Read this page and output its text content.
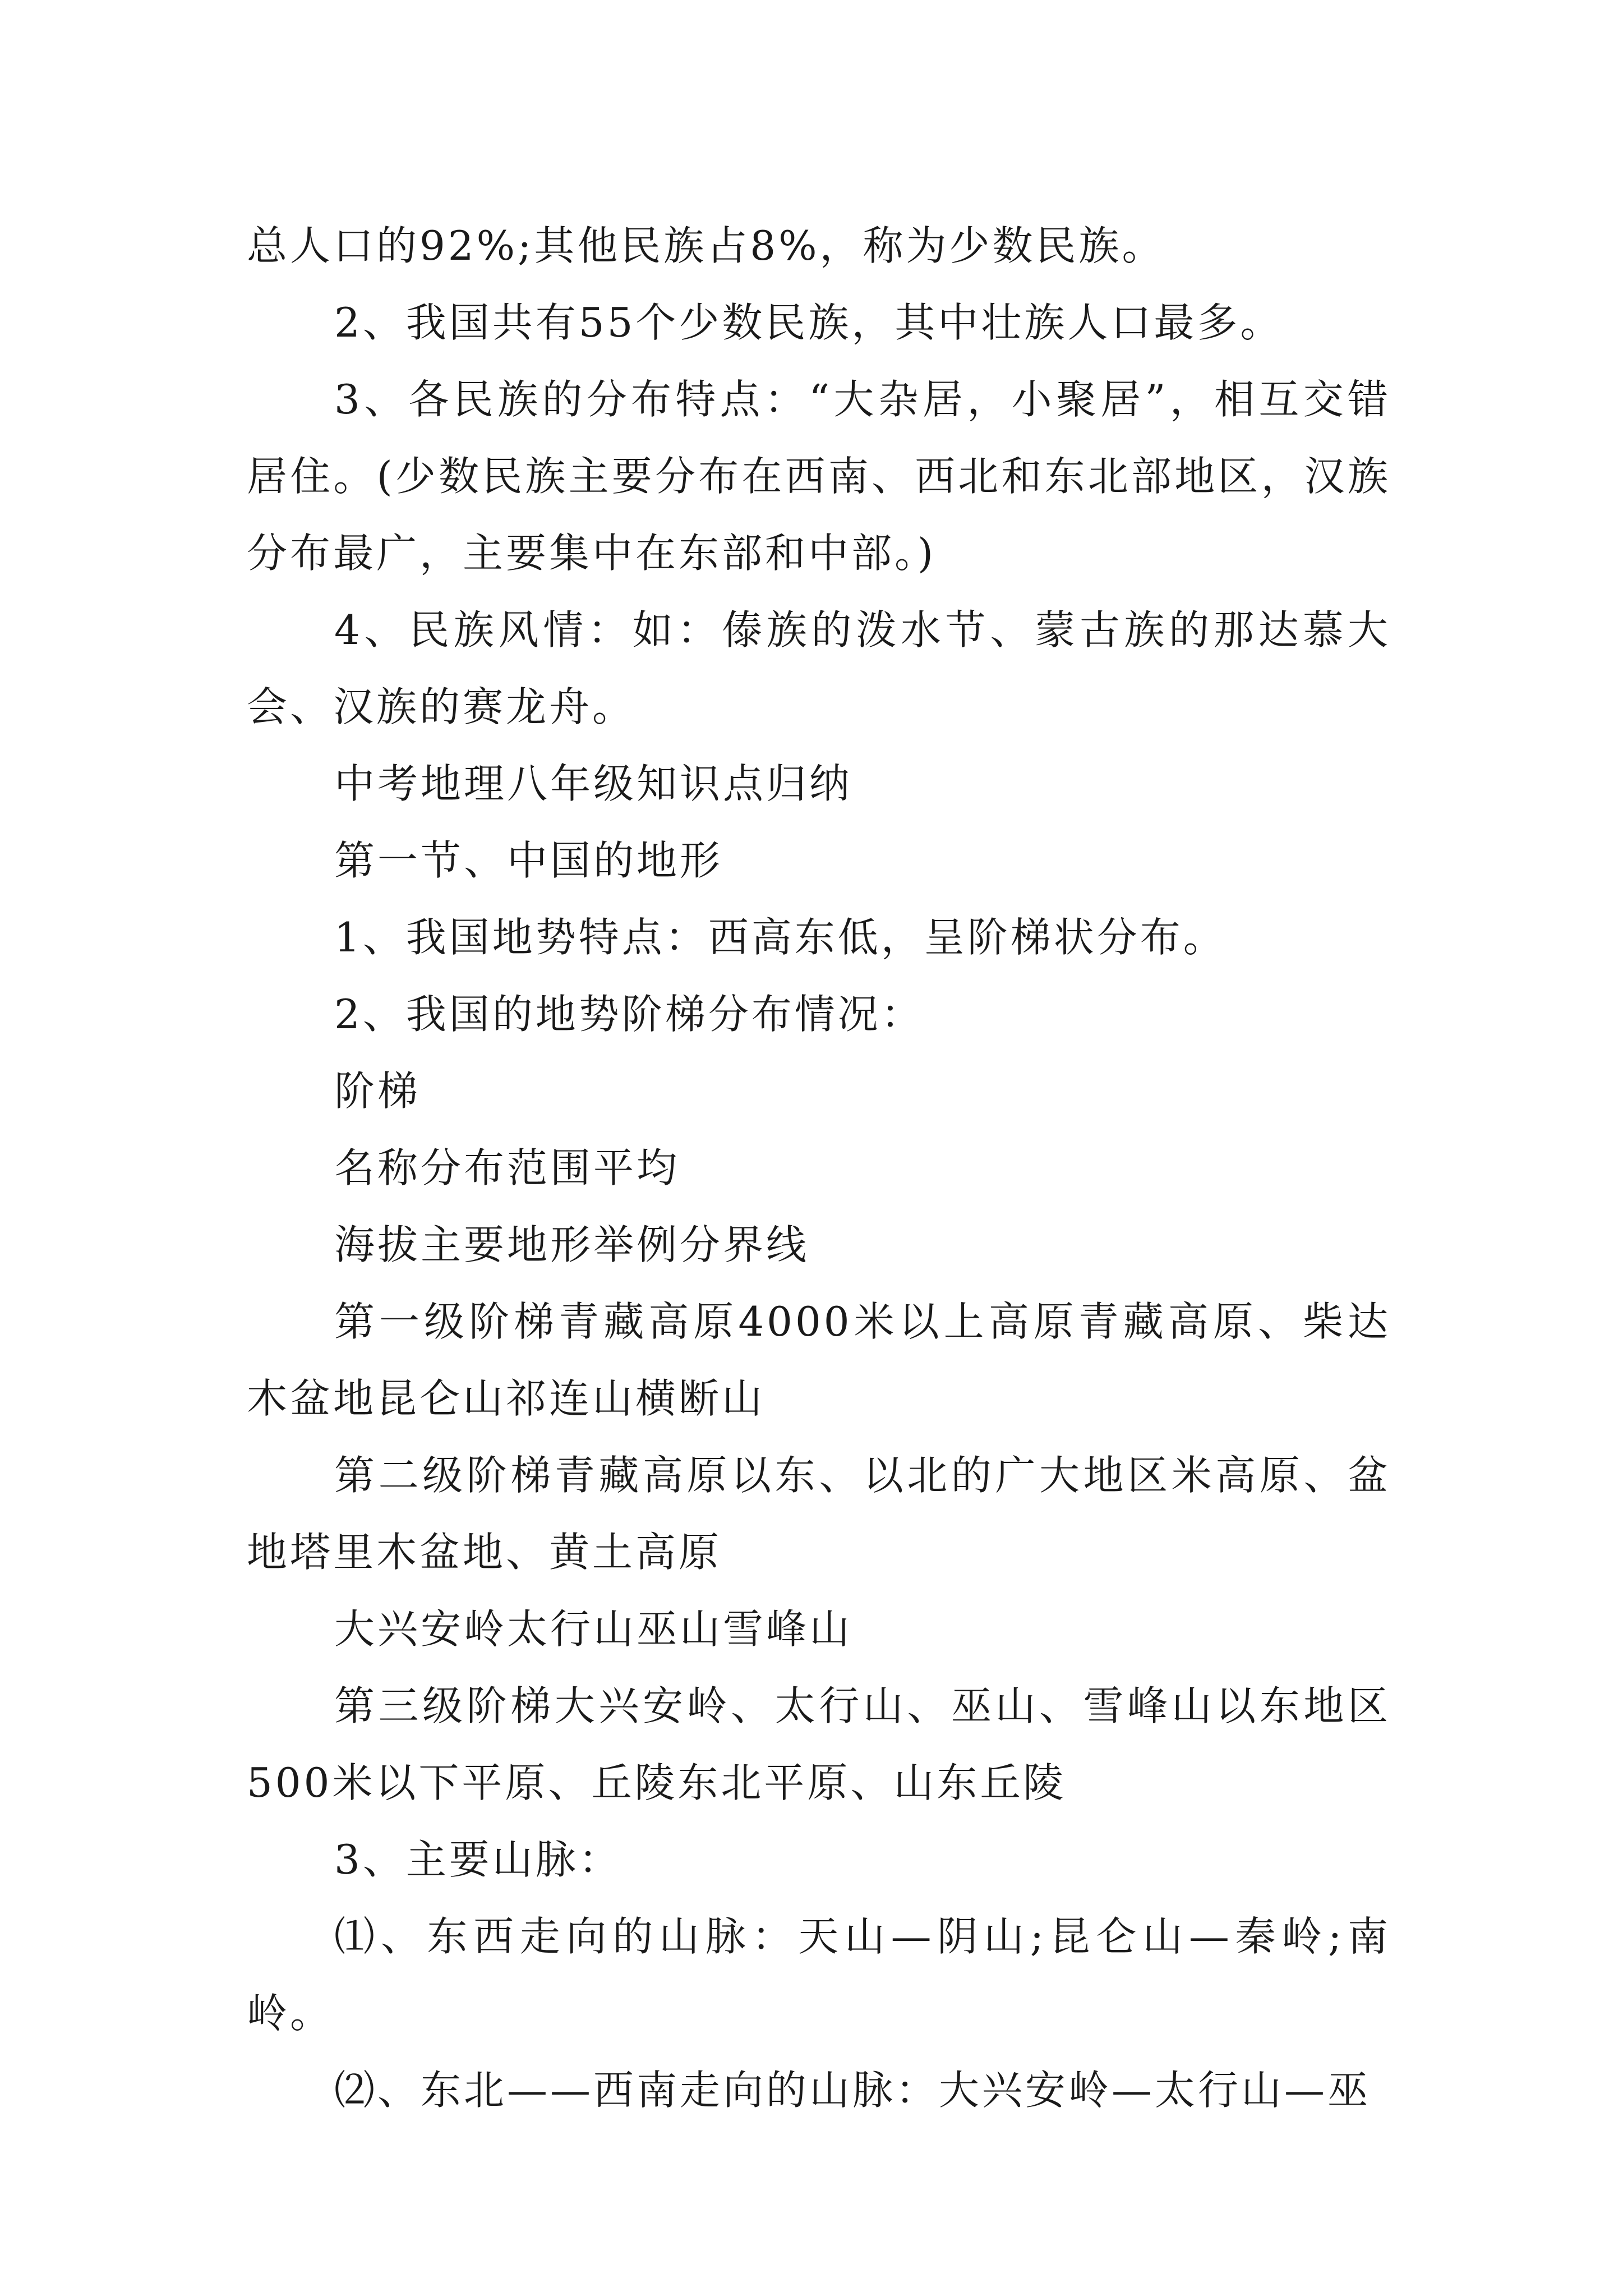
总人口的92%;其他民族占8%，称为少数民族。

2、我国共有55个少数民族，其中壮族人口最多。

3、各民族的分布特点：“大杂居，小聚居”，相互交错居住。(少数民族主要分布在西南、西北和东北部地区，汉族分布最广，主要集中在东部和中部。)

4、民族风情：如：傣族的泼水节、蒙古族的那达慕大会、汉族的赛龙舟。

中考地理八年级知识点归纳

第一节、中国的地形

1、我国地势特点：西高东低，呈阶梯状分布。

2、我国的地势阶梯分布情况：

阶梯

名称分布范围平均

海拔主要地形举例分界线

第一级阶梯青藏高原4000米以上高原青藏高原、柴达木盆地昆仑山祁连山横断山

第二级阶梯青藏高原以东、以北的广大地区米高原、盆地塔里木盆地、黄土高原

大兴安岭太行山巫山雪峰山

第三级阶梯大兴安岭、太行山、巫山、雪峰山以东地区500米以下平原、丘陵东北平原、山东丘陵

3、主要山脉：

⑴、东西走向的山脉：天山—阴山;昆仑山—秦岭;南岭。

⑵、东北——西南走向的山脉：大兴安岭—太行山—巫
